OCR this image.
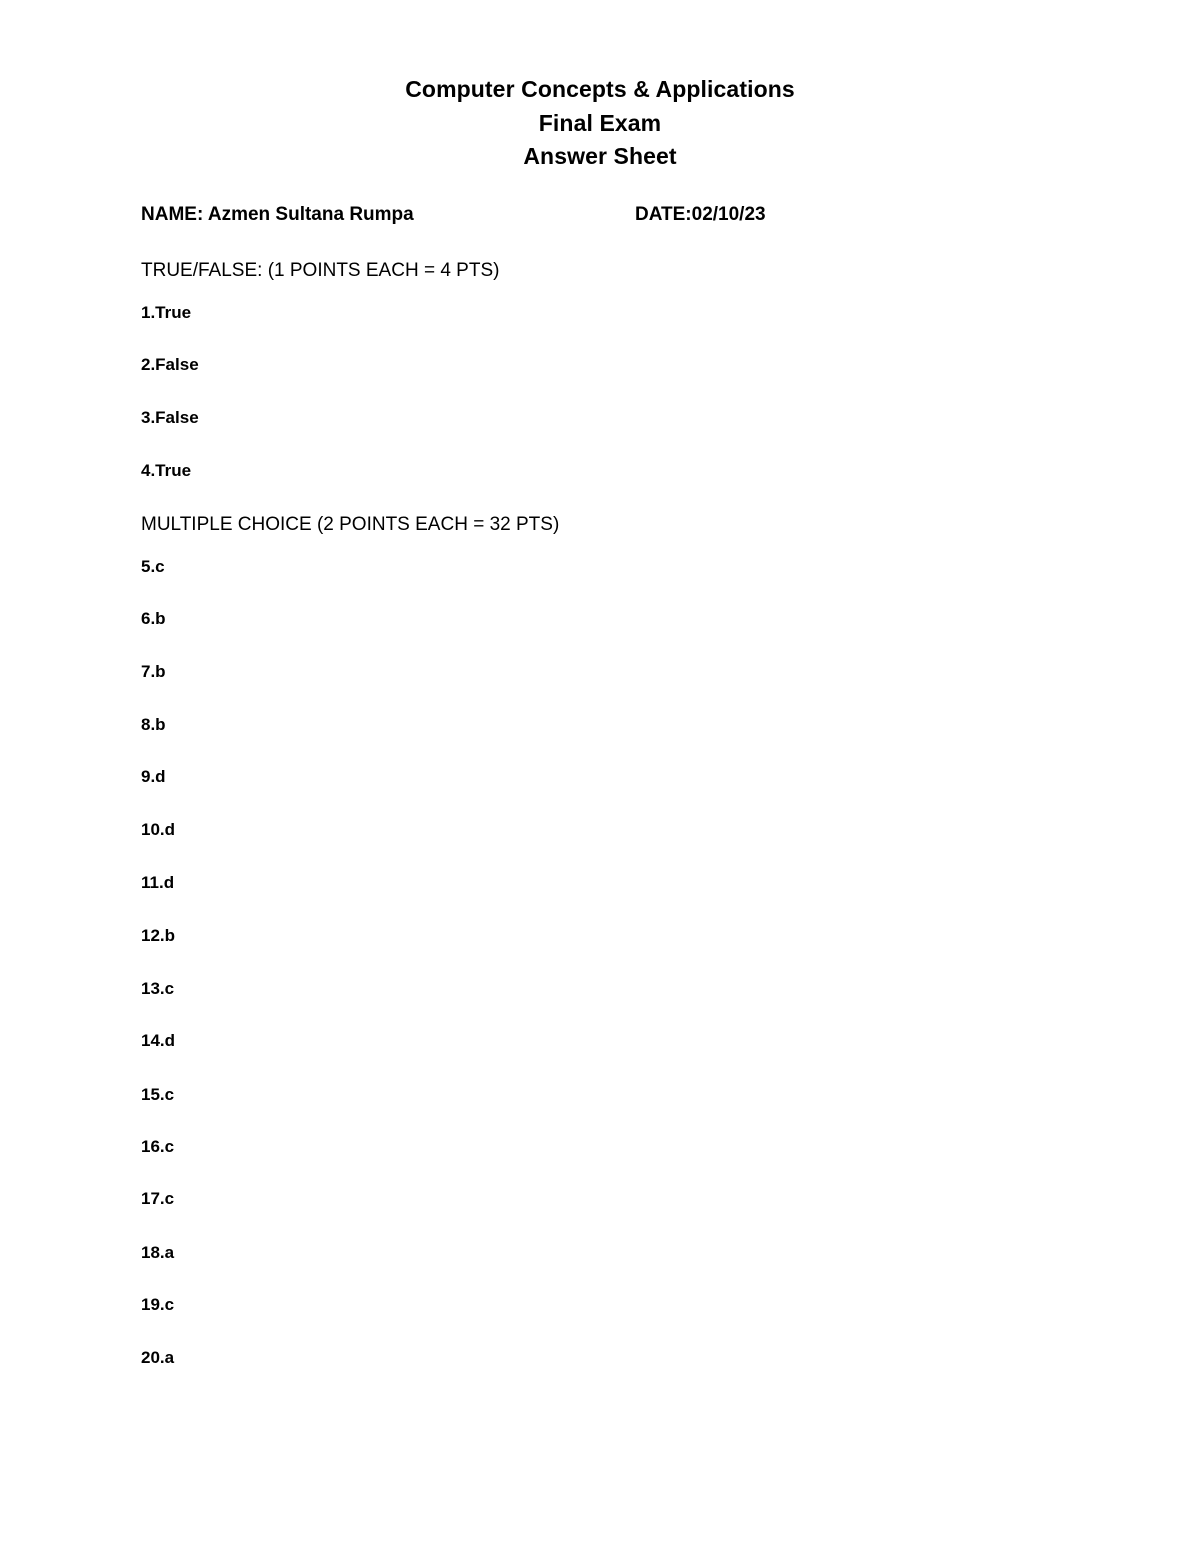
Computer Concepts & Applications
Final Exam
Answer Sheet
NAME: Azmen Sultana Rumpa	DATE:02/10/23
TRUE/FALSE: (1 POINTS EACH = 4 PTS)
1.True
2.False
3.False
4.True
MULTIPLE CHOICE (2 POINTS EACH = 32 PTS)
5.c
6.b
7.b
8.b
9.d
10.d
11.d
12.b
13.c
14.d
15.c
16.c
17.c
18.a
19.c
20.a
